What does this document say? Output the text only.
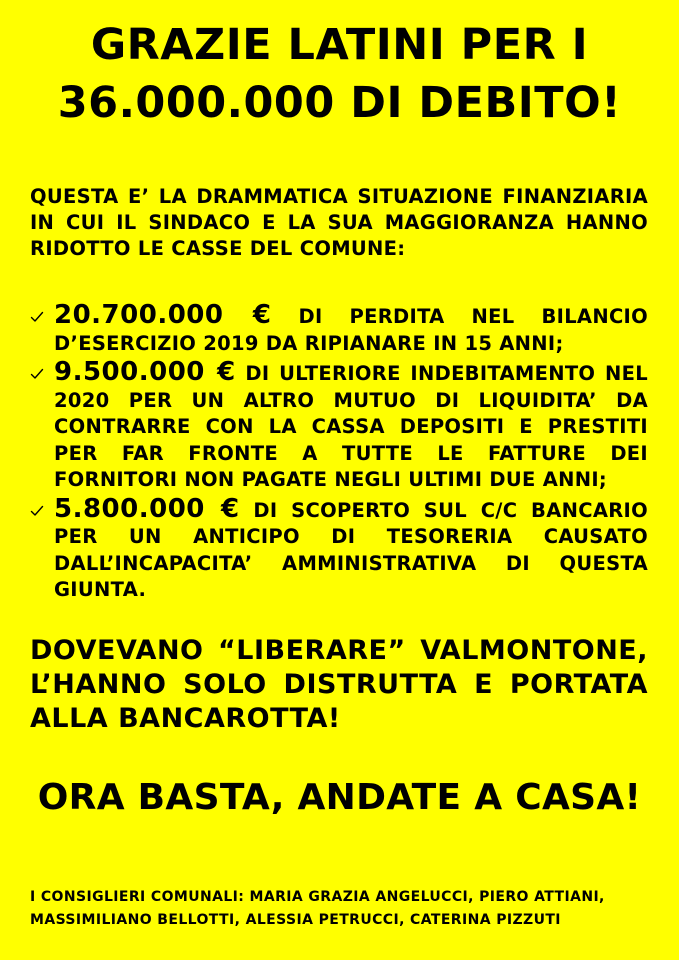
GRAZIE LATINI PER I
36.000.000 DI DEBITO!
QUESTA E’ LA DRAMMATICA SITUAZIONE FINANZIARIA IN CUI IL SINDACO E LA SUA MAGGIORANZA HANNO RIDOTTO LE CASSE DEL COMUNE:
20.700.000 € DI PERDITA NEL BILANCIO D’ESERCIZIO 2019 DA RIPIANARE IN 15 ANNI;
9.500.000 € DI ULTERIORE INDEBITAMENTO NEL 2020 PER UN ALTRO MUTUO DI LIQUIDITA’ DA CONTRARRE CON LA CASSA DEPOSITI E PRESTITI PER FAR FRONTE A TUTTE LE FATTURE DEI FORNITORI NON PAGATE NEGLI ULTIMI DUE ANNI;
5.800.000 € DI SCOPERTO SUL C/C BANCARIO PER UN ANTICIPO DI TESORERIA CAUSATO DALL’INCAPACITA’ AMMINISTRATIVA DI QUESTA GIUNTA.
DOVEVANO “LIBERARE” VALMONTONE, L’HANNO SOLO DISTRUTTA E PORTATA ALLA BANCAROTTA!
ORA BASTA, ANDATE A CASA!
I CONSIGLIERI COMUNALI: MARIA GRAZIA ANGELUCCI, PIERO ATTIANI,
MASSIMILIANO BELLOTTI, ALESSIA PETRUCCI, CATERINA PIZZUTI
